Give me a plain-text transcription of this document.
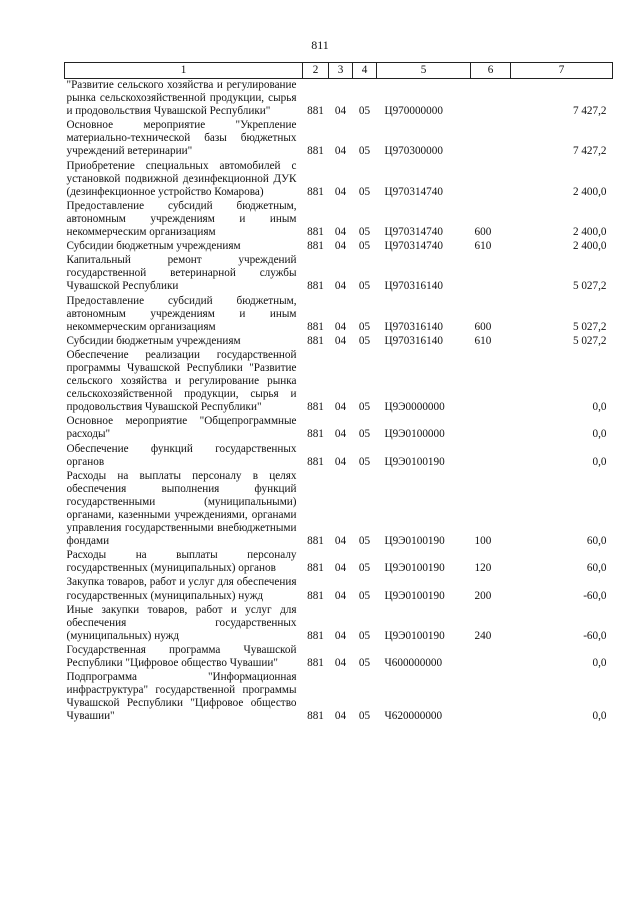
811
1	2	3	4	5	6	7
"Развитие сельского хозяйства и регулирование рынка сельскохозяйственной продукции, сырья и продовольствия Чувашской Республики"	881	04	05	Ц970000000		7 427,2
Основное мероприятие "Укрепление материально-технической базы бюджетных учреждений ветеринарии"	881	04	05	Ц970300000		7 427,2
Приобретение специальных автомобилей с установкой подвижной дезинфекционной ДУК (дезинфекционное устройство Комарова)	881	04	05	Ц970314740		2 400,0
Предоставление субсидий бюджетным, автономным учреждениям и иным некоммерческим организациям	881	04	05	Ц970314740	600	2 400,0
Субсидии бюджетным учреждениям	881	04	05	Ц970314740	610	2 400,0
Капитальный ремонт учреждений государственной ветеринарной службы Чувашской Республики	881	04	05	Ц970316140		5 027,2
Предоставление субсидий бюджетным, автономным учреждениям и иным некоммерческим организациям	881	04	05	Ц970316140	600	5 027,2
Субсидии бюджетным учреждениям	881	04	05	Ц970316140	610	5 027,2
Обеспечение реализации государственной программы Чувашской Республики "Развитие сельского хозяйства и регулирование рынка сельскохозяйственной продукции, сырья и продовольствия Чувашской Республики"	881	04	05	Ц9Э0000000		0,0
Основное мероприятие "Общепрограммные расходы"	881	04	05	Ц9Э0100000		0,0
Обеспечение функций государственных органов	881	04	05	Ц9Э0100190		0,0
Расходы на выплаты персоналу в целях обеспечения выполнения функций государственными (муниципальными) органами, казенными учреждениями, органами управления государственными внебюджетными фондами	881	04	05	Ц9Э0100190	100	60,0
Расходы на выплаты персоналу государственных (муниципальных) органов	881	04	05	Ц9Э0100190	120	60,0
Закупка товаров, работ и услуг для обеспечения государственных (муниципальных) нужд	881	04	05	Ц9Э0100190	200	-60,0
Иные закупки товаров, работ и услуг для обеспечения государственных (муниципальных) нужд	881	04	05	Ц9Э0100190	240	-60,0
Государственная программа Чувашской Республики "Цифровое общество Чувашии"	881	04	05	Ч600000000		0,0
Подпрограмма "Информационная инфраструктура" государственной программы Чувашской Республики "Цифровое общество Чувашии"	881	04	05	Ч620000000		0,0
